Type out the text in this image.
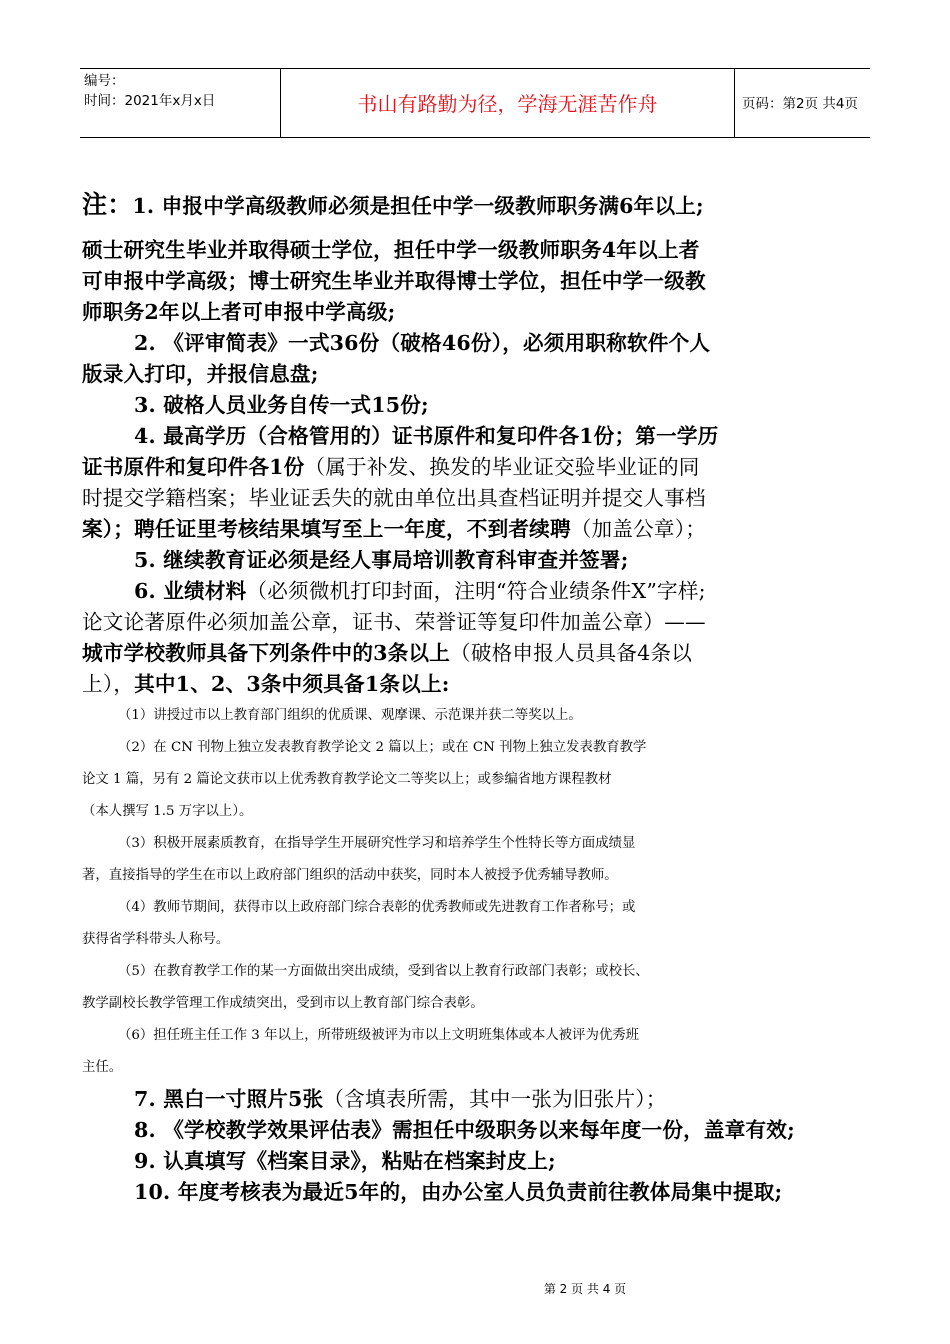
编号：
时间：2021年x月x日	书山有路勤为径，学海无涯苦作舟	页码：第2页 共4页

注：1. 申报中学高级教师必须是担任中学一级教师职务满6年以上;

硕士研究生毕业并取得硕士学位，担任中学一级教师职务4年以上者

可申报中学高级；博士研究生毕业并取得博士学位，担任中学一级教

师职务2年以上者可申报中学高级;

2. 《评审简表》一式36份（破格46份），必须用职称软件个人

版录入打印，并报信息盘;

3. 破格人员业务自传一式15份;

4. 最高学历（合格管用的）证书原件和复印件各1份；第一学历

证书原件和复印件各1份（属于补发、换发的毕业证交验毕业证的同

时提交学籍档案；毕业证丢失的就由单位出具查档证明并提交人事档

案）；聘任证里考核结果填写至上一年度，不到者续聘（加盖公章）；

5. 继续教育证必须是经人事局培训教育科审查并签署;

6. 业绩材料（必须微机打印封面，注明“符合业绩条件X”字样;

论文论著原件必须加盖公章，证书、荣誉证等复印件加盖公章）——

城市学校教师具备下列条件中的3条以上（破格申报人员具备4条以

上），其中1、2、3条中须具备1条以上:

（1）讲授过市以上教育部门组织的优质课、观摩课、示范课并获二等奖以上。

（2）在 CN 刊物上独立发表教育教学论文 2 篇以上；或在 CN 刊物上独立发表教育教学

论文 1 篇，另有 2 篇论文获市以上优秀教育教学论文二等奖以上；或参编省地方课程教材

（本人撰写 1.5 万字以上）。

（3）积极开展素质教育，在指导学生开展研究性学习和培养学生个性特长等方面成绩显

著，直接指导的学生在市以上政府部门组织的活动中获奖，同时本人被授予优秀辅导教师。

（4）教师节期间，获得市以上政府部门综合表彰的优秀教师或先进教育工作者称号；或

获得省学科带头人称号。

（5）在教育教学工作的某一方面做出突出成绩，受到省以上教育行政部门表彰；或校长、

教学副校长教学管理工作成绩突出，受到市以上教育部门综合表彰。

（6）担任班主任工作 3 年以上，所带班级被评为市以上文明班集体或本人被评为优秀班

主任。

7. 黑白一寸照片5张（含填表所需，其中一张为旧张片）；

8. 《学校教学效果评估表》需担任中级职务以来每年度一份，盖章有效;

9. 认真填写《档案目录》，粘贴在档案封皮上;

10. 年度考核表为最近5年的，由办公室人员负责前往教体局集中提取;

第 2 页 共 4 页
